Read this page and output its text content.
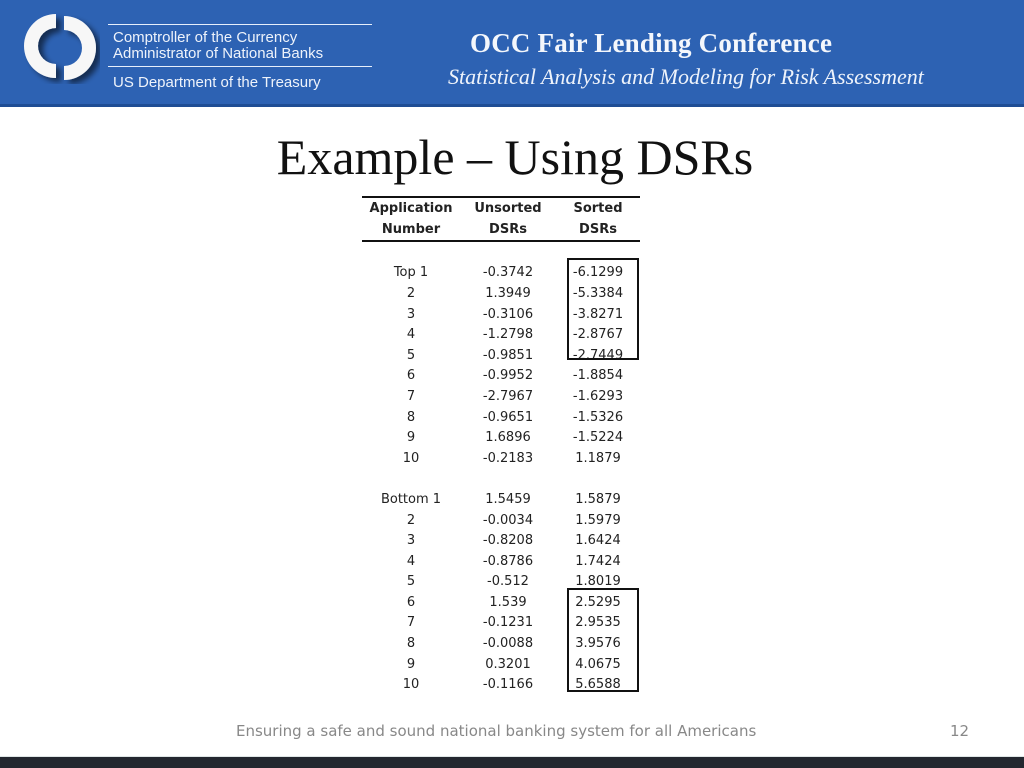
Comptroller of the Currency
Administrator of National Banks
US Department of the Treasury
OCC Fair Lending Conference
Statistical Analysis and Modeling for Risk Assessment
Example – Using DSRs
Application	Unsorted	Sorted
Number	DSRs	DSRs
Top 1	-0.3742	-6.1299
2	1.3949	-5.3384
3	-0.3106	-3.8271
4	-1.2798	-2.8767
5	-0.9851	-2.7449
6	-0.9952	-1.8854
7	-2.7967	-1.6293
8	-0.9651	-1.5326
9	1.6896	-1.5224
10	-0.2183	1.1879
Bottom 1	1.5459	1.5879
2	-0.0034	1.5979
3	-0.8208	1.6424
4	-0.8786	1.7424
5	-0.512	1.8019
6	1.539	2.5295
7	-0.1231	2.9535
8	-0.0088	3.9576
9	0.3201	4.0675
10	-0.1166	5.6588
Ensuring a safe and sound national banking system for all Americans	12
